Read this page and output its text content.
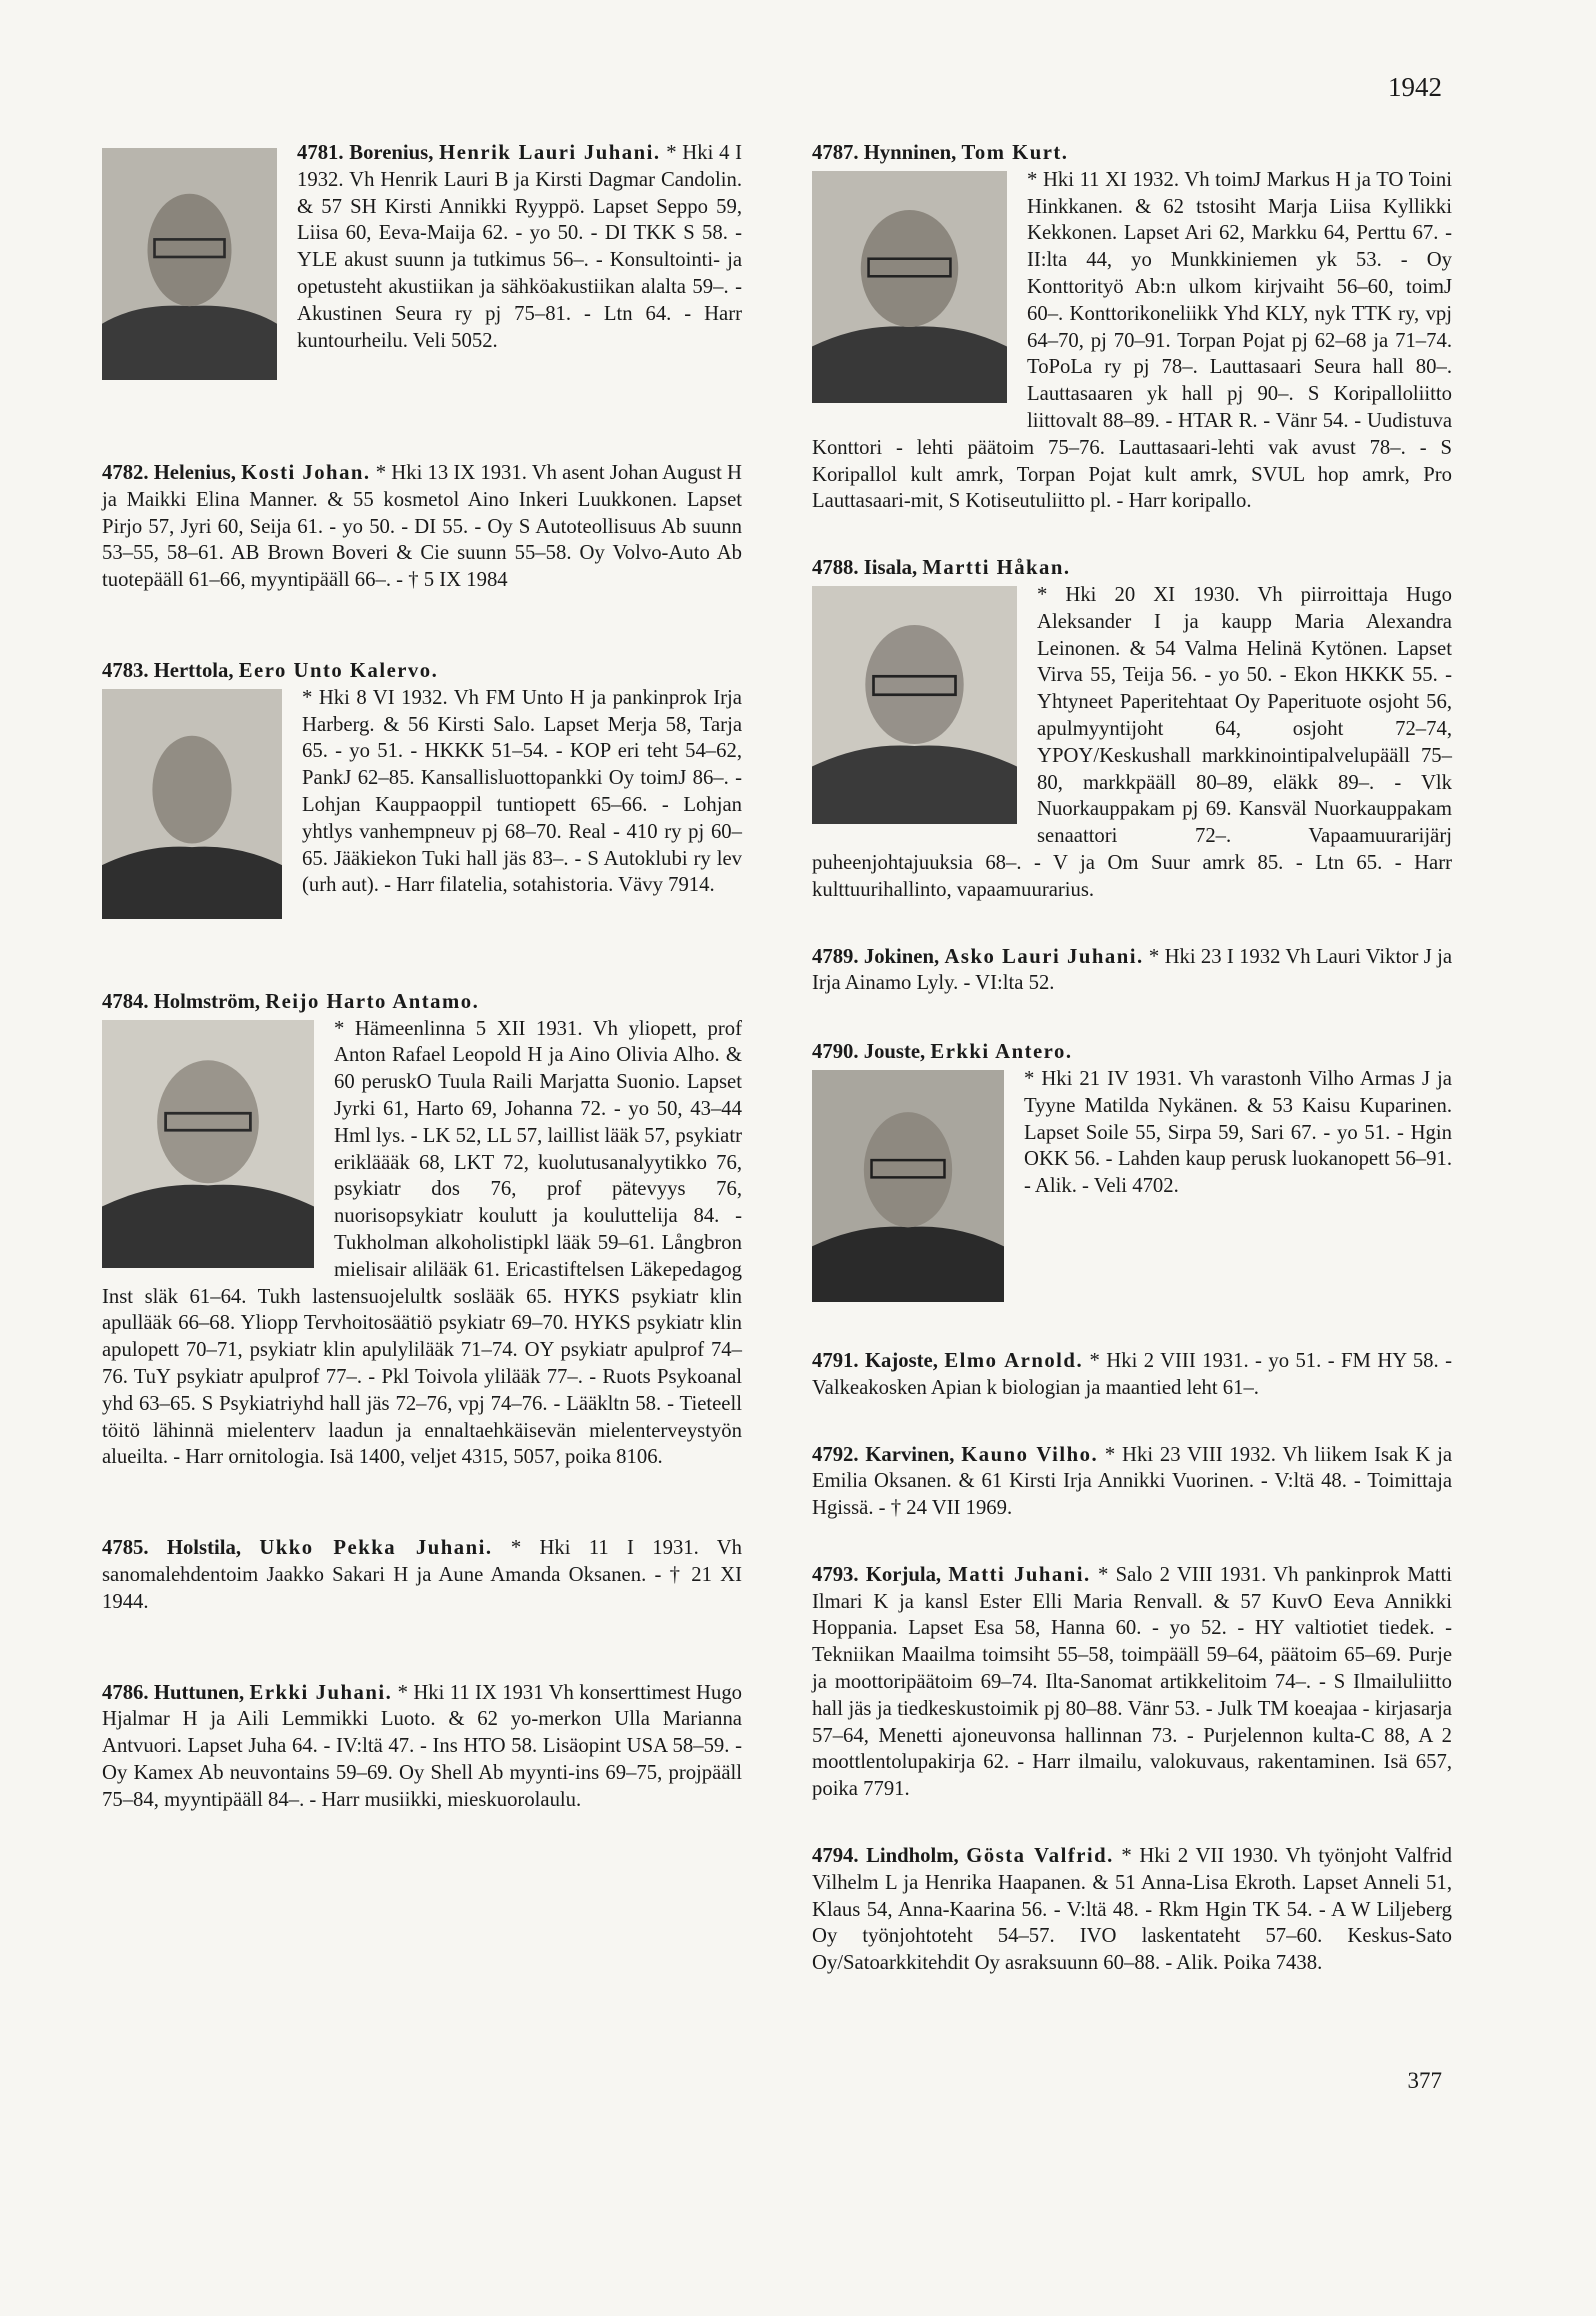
1942
4781. Borenius, Henrik Lauri Juhani. * Hki 4 I 1932. Vh Henrik Lauri B ja Kirsti Dagmar Candolin. & 57 SH Kirsti Annikki Ryyppö. Lapset Seppo 59, Liisa 60, Eeva-Maija 62. - yo 50. - DI TKK S 58. - YLE akust suunn ja tutkimus 56–. - Konsultointi- ja opetusteht akustiikan ja sähköakustiikan alalta 59–. - Akustinen Seura ry pj 75–81. - Ltn 64. - Harr kuntourheilu. Veli 5052.
4782. Helenius, Kosti Johan. * Hki 13 IX 1931. Vh asent Johan August H ja Maikki Elina Manner. & 55 kosmetol Aino Inkeri Luukkonen. Lapset Pirjo 57, Jyri 60, Seija 61. - yo 50. - DI 55. - Oy S Autoteollisuus Ab suunn 53–55, 58–61. AB Brown Boveri & Cie suunn 55–58. Oy Volvo-Auto Ab tuotepääll 61–66, myyntipääll 66–. - † 5 IX 1984
4783. Herttola, Eero Unto Kalervo.
* Hki 8 VI 1932. Vh FM Unto H ja pankinprok Irja Harberg. & 56 Kirsti Salo. Lapset Merja 58, Tarja 65. - yo 51. - HKKK 51–54. - KOP eri teht 54–62, PankJ 62–85. Kansallisluottopankki Oy toimJ 86–. - Lohjan Kauppaoppil tuntiopett 65–66. - Lohjan yhtlys vanhempneuv pj 68–70. Real - 410 ry pj 60–65. Jääkiekon Tuki hall jäs 83–. - S Autoklubi ry lev (urh aut). - Harr filatelia, sotahistoria. Vävy 7914.
4784. Holmström, Reijo Harto Antamo.
* Hämeenlinna 5 XII 1931. Vh yliopett, prof Anton Rafael Leopold H ja Aino Olivia Alho. & 60 peruskO Tuula Raili Marjatta Suonio. Lapset Jyrki 61, Harto 69, Johanna 72. - yo 50, 43–44 Hml lys. - LK 52, LL 57, laillist lääk 57, psykiatr erikläääk 68, LKT 72, kuolutusanalyytikko 76, psykiatr dos 76, prof pätevyys 76, nuorisopsykiatr koulutt ja kouluttelija 84. - Tukholman alkoholistipkl lääk 59–61. Långbron mielisair alilääk 61. Ericastiftelsen Läkepedagog Inst släk 61–64. Tukh lastensuojelultk soslääk 65. HYKS psykiatr klin apullääk 66–68. Yliopp Tervhoitosäätiö psykiatr 69–70. HYKS psykiatr klin apulopett 70–71, psykiatr klin apulylilääk 71–74. OY psykiatr apulprof 74–76. TuY psykiatr apulprof 77–. - Pkl Toivola ylilääk 77–. - Ruots Psykoanal yhd 63–65. S Psykiatriyhd hall jäs 72–76, vpj 74–76. - Lääkltn 58. - Tieteell töitö lähinnä mielenterv laadun ja ennaltaehkäisevän mielenterveystyön alueilta. - Harr ornitologia. Isä 1400, veljet 4315, 5057, poika 8106.
4785. Holstila, Ukko Pekka Juhani. * Hki 11 I 1931. Vh sanomalehdentoim Jaakko Sakari H ja Aune Amanda Oksanen. - † 21 XI 1944.
4786. Huttunen, Erkki Juhani. * Hki 11 IX 1931 Vh konserttimest Hugo Hjalmar H ja Aili Lemmikki Luoto. & 62 yo-merkon Ulla Marianna Antvuori. Lapset Juha 64. - IV:ltä 47. - Ins HTO 58. Lisäopint USA 58–59. - Oy Kamex Ab neuvontains 59–69. Oy Shell Ab myynti-ins 69–75, projpääll 75–84, myyntipääll 84–. - Harr musiikki, mieskuorolaulu.
4787. Hynninen, Tom Kurt.
* Hki 11 XI 1932. Vh toimJ Markus H ja TO Toini Hinkkanen. & 62 tstosiht Marja Liisa Kyllikki Kekkonen. Lapset Ari 62, Markku 64, Perttu 67. - II:lta 44, yo Munkkiniemen yk 53. - Oy Konttorityö Ab:n ulkom kirjvaiht 56–60, toimJ 60–. Konttorikoneliikk Yhd KLY, nyk TTK ry, vpj 64–70, pj 70–91. Torpan Pojat pj 62–68 ja 71–74. ToPoLa ry pj 78–. Lauttasaari Seura hall 80–. Lauttasaaren yk hall pj 90–. S Koripalloliitto liittovalt 88–89. - HTAR R. - Vänr 54. - Uudistuva Konttori - lehti päätoim 75–76. Lauttasaari-lehti vak avust 78–. - S Koripallol kult amrk, Torpan Pojat kult amrk, SVUL hop amrk, Pro Lauttasaari-mit, S Kotiseutuliitto pl. - Harr koripallo.
4788. Iisala, Martti Håkan.
* Hki 20 XI 1930. Vh piirroittaja Hugo Aleksander I ja kaupp Maria Alexandra Leinonen. & 54 Valma Helinä Kytönen. Lapset Virva 55, Teija 56. - yo 50. - Ekon HKKK 55. - Yhtyneet Paperitehtaat Oy Paperituote osjoht 56, apulmyyntijoht 64, osjoht 72–74, YPOY/Keskushall markkinointipalvelupääll 75–80, markkpääll 80–89, eläkk 89–. - Vlk Nuorkauppakam pj 69. Kansväl Nuorkauppakam senaattori 72–. Vapaamuurarijärj puheenjohtajuuksia 68–. - V ja Om Suur amrk 85. - Ltn 65. - Harr kulttuurihallinto, vapaamuurarius.
4789. Jokinen, Asko Lauri Juhani. * Hki 23 I 1932 Vh Lauri Viktor J ja Irja Ainamo Lyly. - VI:lta 52.
4790. Jouste, Erkki Antero.
* Hki 21 IV 1931. Vh varastonh Vilho Armas J ja Tyyne Matilda Nykänen. & 53 Kaisu Kuparinen. Lapset Soile 55, Sirpa 59, Sari 67. - yo 51. - Hgin OKK 56. - Lahden kaup perusk luokanopett 56–91. - Alik. - Veli 4702.
4791. Kajoste, Elmo Arnold. * Hki 2 VIII 1931. - yo 51. - FM HY 58. - Valkeakosken Apian k biologian ja maantied leht 61–.
4792. Karvinen, Kauno Vilho. * Hki 23 VIII 1932. Vh liikem Isak K ja Emilia Oksanen. & 61 Kirsti Irja Annikki Vuorinen. - V:ltä 48. - Toimittaja Hgissä. - † 24 VII 1969.
4793. Korjula, Matti Juhani. * Salo 2 VIII 1931. Vh pankinprok Matti Ilmari K ja kansl Ester Elli Maria Renvall. & 57 KuvO Eeva Annikki Hoppania. Lapset Esa 58, Hanna 60. - yo 52. - HY valtiotiet tiedek. - Tekniikan Maailma toimsiht 55–58, toimpääll 59–64, päätoim 65–69. Purje ja moottoripäätoim 69–74. Ilta-Sanomat artikkelitoim 74–. - S Ilmailuliitto hall jäs ja tiedkeskustoimik pj 80–88. Vänr 53. - Julk TM koeajaa - kirjasarja 57–64, Menetti ajoneuvonsa hallinnan 73. - Purjelennon kulta-C 88, A 2 moottlentolupakirja 62. - Harr ilmailu, valokuvaus, rakentaminen. Isä 657, poika 7791.
4794. Lindholm, Gösta Valfrid. * Hki 2 VII 1930. Vh työnjoht Valfrid Vilhelm L ja Henrika Haapanen. & 51 Anna-Lisa Ekroth. Lapset Anneli 51, Klaus 54, Anna-Kaarina 56. - V:ltä 48. - Rkm Hgin TK 54. - A W Liljeberg Oy työnjohtoteht 54–57. IVO laskentateht 57–60. Keskus-Sato Oy/Satoarkkitehdit Oy asraksuunn 60–88. - Alik. Poika 7438.
377
